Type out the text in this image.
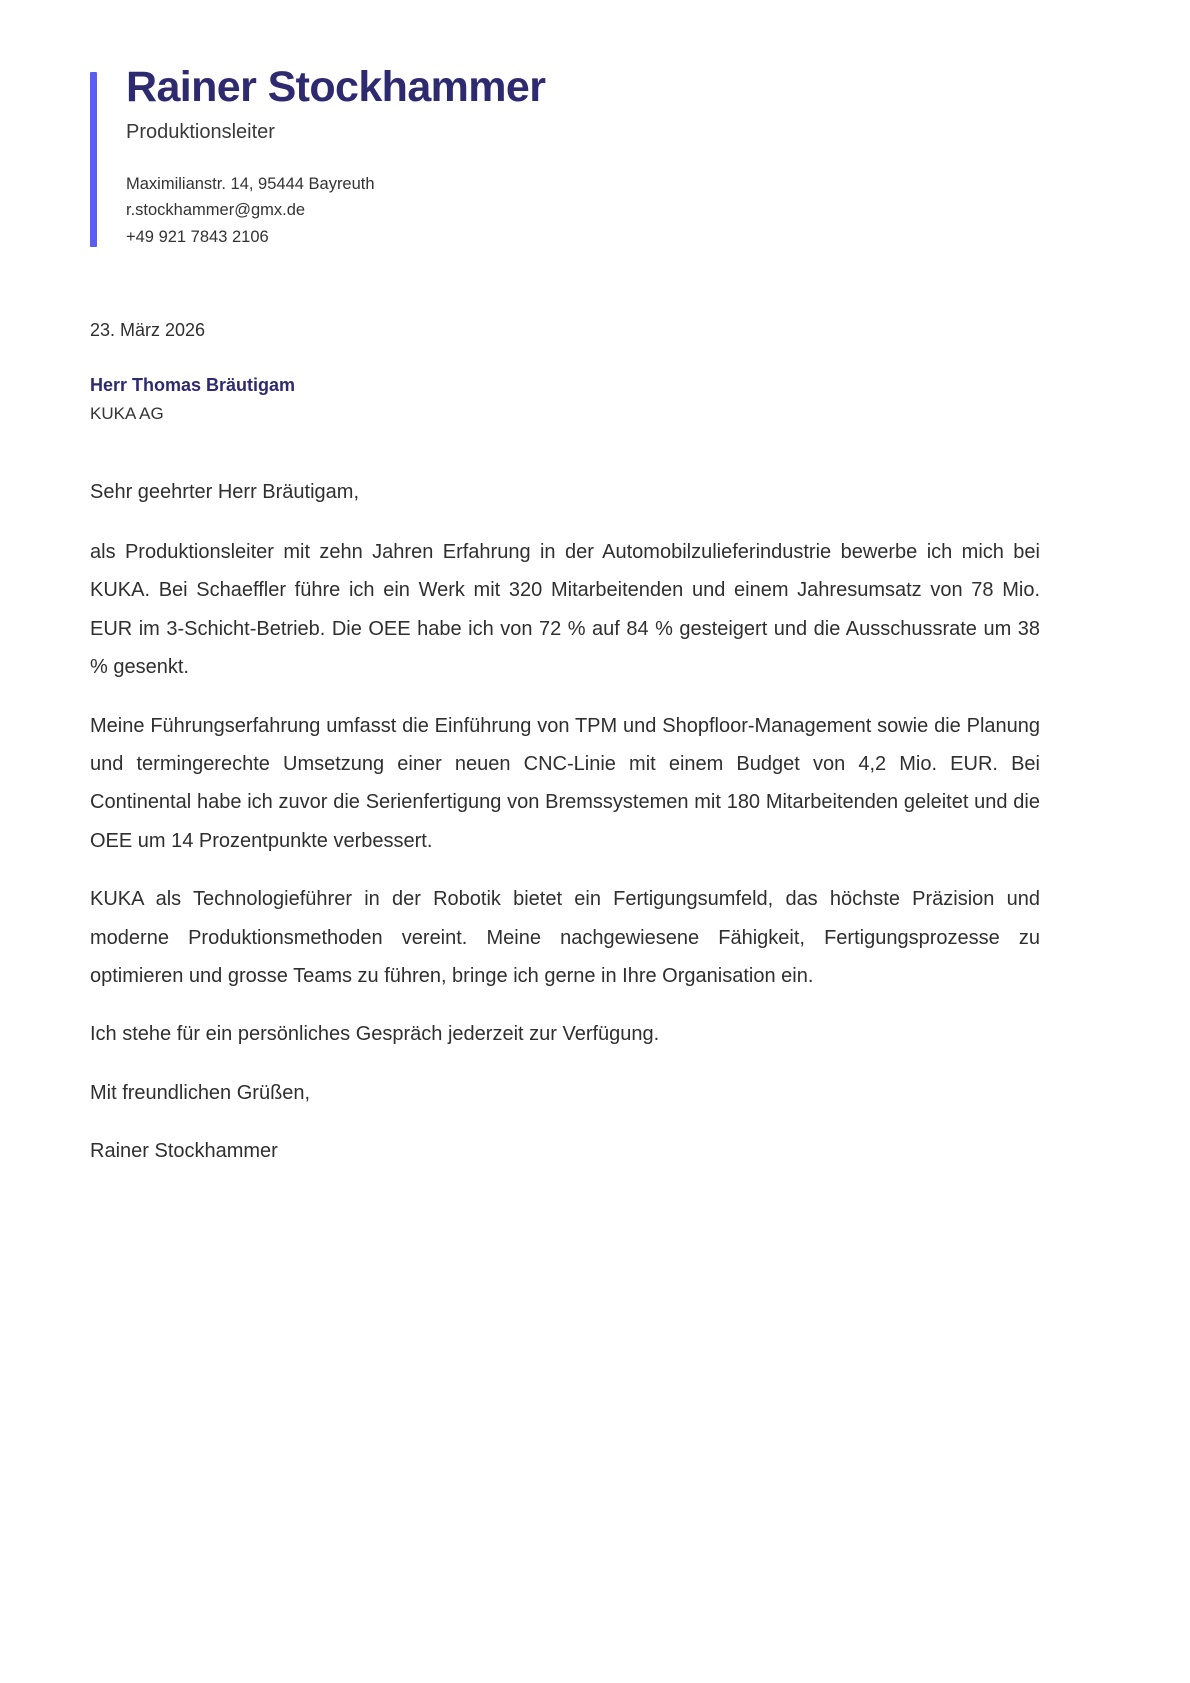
Rainer Stockhammer

Produktionsleiter

Maximilianstr. 14, 95444 Bayreuth
r.stockhammer@gmx.de
+49 921 7843 2106

23. März 2026

Herr Thomas Bräutigam

KUKA AG

Sehr geehrter Herr Bräutigam,

als Produktionsleiter mit zehn Jahren Erfahrung in der Automobilzulieferindustrie bewerbe ich mich bei KUKA. Bei Schaeffler führe ich ein Werk mit 320 Mitarbeitenden und einem Jahresumsatz von 78 Mio. EUR im 3-Schicht-Betrieb. Die OEE habe ich von 72 % auf 84 % gesteigert und die Ausschussrate um 38 % gesenkt.

Meine Führungserfahrung umfasst die Einführung von TPM und Shopfloor-Management sowie die Planung und termingerechte Umsetzung einer neuen CNC-Linie mit einem Budget von 4,2 Mio. EUR. Bei Continental habe ich zuvor die Serienfertigung von Bremssystemen mit 180 Mitarbeitenden geleitet und die OEE um 14 Prozentpunkte verbessert.

KUKA als Technologieführer in der Robotik bietet ein Fertigungsumfeld, das höchste Präzision und moderne Produktionsmethoden vereint. Meine nachgewiesene Fähigkeit, Fertigungsprozesse zu optimieren und grosse Teams zu führen, bringe ich gerne in Ihre Organisation ein.

Ich stehe für ein persönliches Gespräch jederzeit zur Verfügung.

Mit freundlichen Grüßen,

Rainer Stockhammer
